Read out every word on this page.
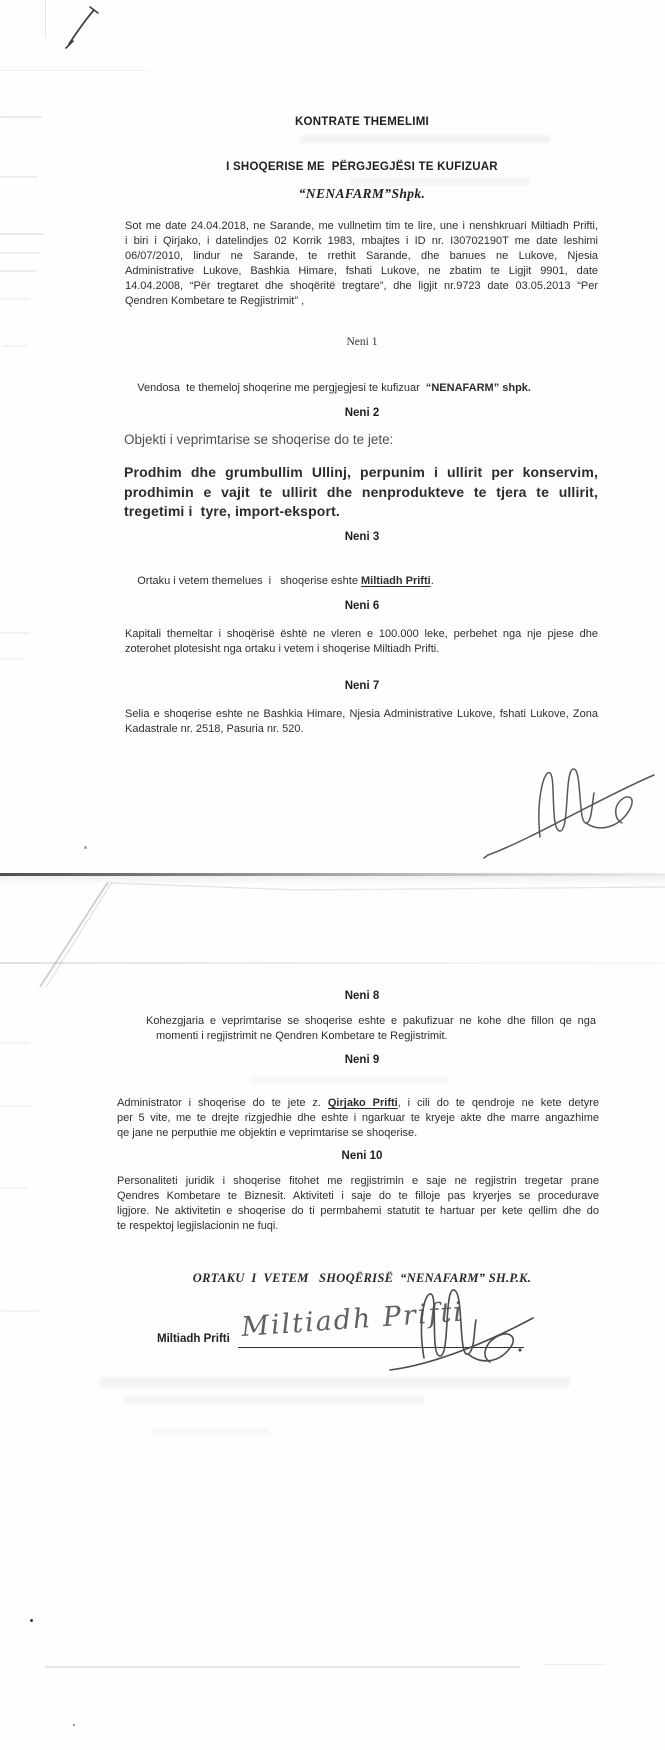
KONTRATE THEMELIMI
I SHOQERISE ME  PËRGJEGJËSI TE KUFIZUAR
“NENAFARM”Shpk.
Sot me date 24.04.2018, ne Sarande, me vullnetim tim te lire, une i nenshkruari Miltiadh Prifti,
i biri i Qirjako, i datelindjes 02 Korrik 1983, mbajtes i ID nr. I30702190T me date leshimi
06/07/2010, lindur ne Sarande, te rrethit Sarande, dhe banues ne Lukove, Njesia
Administrative Lukove, Bashkia Himare, fshati Lukove, ne zbatim te Ligjit 9901, date
14.04.2008, “Për tregtaret dhe shoqëritë tregtare”, dhe ligjit nr.9723 date 03.05.2013 “Per
Qendren Kombetare te Regjistrimit” ,
Neni 1

Vendosa  te themeloj shoqerine me pergjegjesi te kufizuar  “NENAFARM” shpk.

Neni 2
Objekti i veprimtarise se shoqerise do te jete:
Prodhim dhe grumbullim Ullinj, perpunim i ullirit per konservim,
prodhimin e vajit te ullirit dhe nenprodukteve te tjera te ullirit,
tregetimi i  tyre, import-eksport.
Neni 3

Ortaku i vetem themelues  i   shoqerise eshte Miltiadh Prifti.

Neni 6
Kapitali themeltar i shoqërisë është ne vleren e 100.000 leke, perbehet nga nje pjese dhe
zoterohet plotesisht nga ortaku i vetem i shoqerise Miltiadh Prifti.
Neni 7
Selia e shoqerise eshte ne Bashkia Himare, Njesia Administrative Lukove, fshati Lukove, Zona
Kadastrale nr. 2518, Pasuria nr. 520.
Neni 8
Kohezgjaria e veprimtarise se shoqerise eshte e pakufizuar ne kohe dhe fillon qe nga
momenti i regjistrimit ne Qendren Kombetare te Regjistrimit.
Neni 9
Administrator i shoqerise do te jete z. Qirjako Prifti, i cili do te qendroje ne kete detyre
per 5 vite, me te drejte rizgjedhie dhe eshte i ngarkuar te kryeje akte dhe marre angazhime
qe jane ne perputhie me objektin e veprimtarise se shoqerise.
Neni 10
Personaliteti juridik i shoqerise fitohet me regjistrimin e saje ne regjistrin tregetar prane
Qendres Kombetare te Biznesit. Aktiviteti i saje do te filloje pas kryerjes se procedurave
ligjore. Ne aktivitetin e shoqerise do ti permbahemi statutit te hartuar per kete qellim dhe do
te respektoj legjislacionin ne fuqi.
ORTAKU  I  VETEM   SHOQËRISË  “NENAFARM” SH.P.K.
Miltiadh Prifti Miltiadh Prifti
